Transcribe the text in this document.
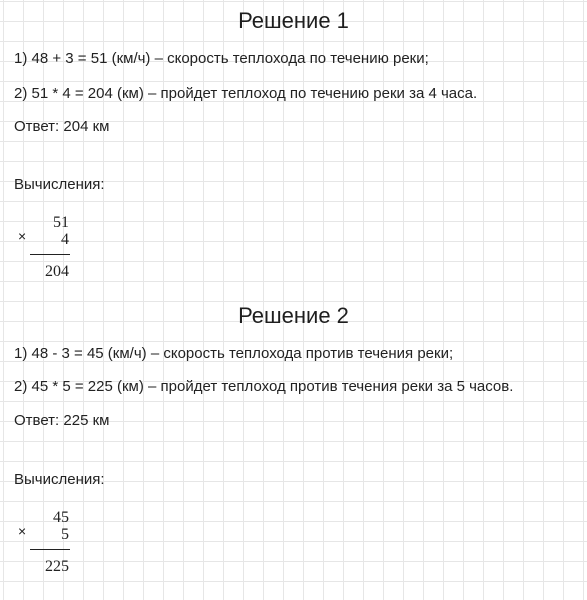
Решение 1
1) 48 + 3 = 51 (км/ч) – скорость теплохода по течению реки;
2) 51 * 4 = 204 (км) – пройдет теплоход по течению реки за 4 часа.
Ответ: 204 км
Вычисления:
×
51
4
204
Решение 2
1) 48 - 3 = 45 (км/ч) – скорость теплохода против течения реки;
2) 45 * 5 = 225 (км) – пройдет теплоход против течения реки за 5 часов.
Ответ: 225 км
Вычисления:
×
45
5
225
